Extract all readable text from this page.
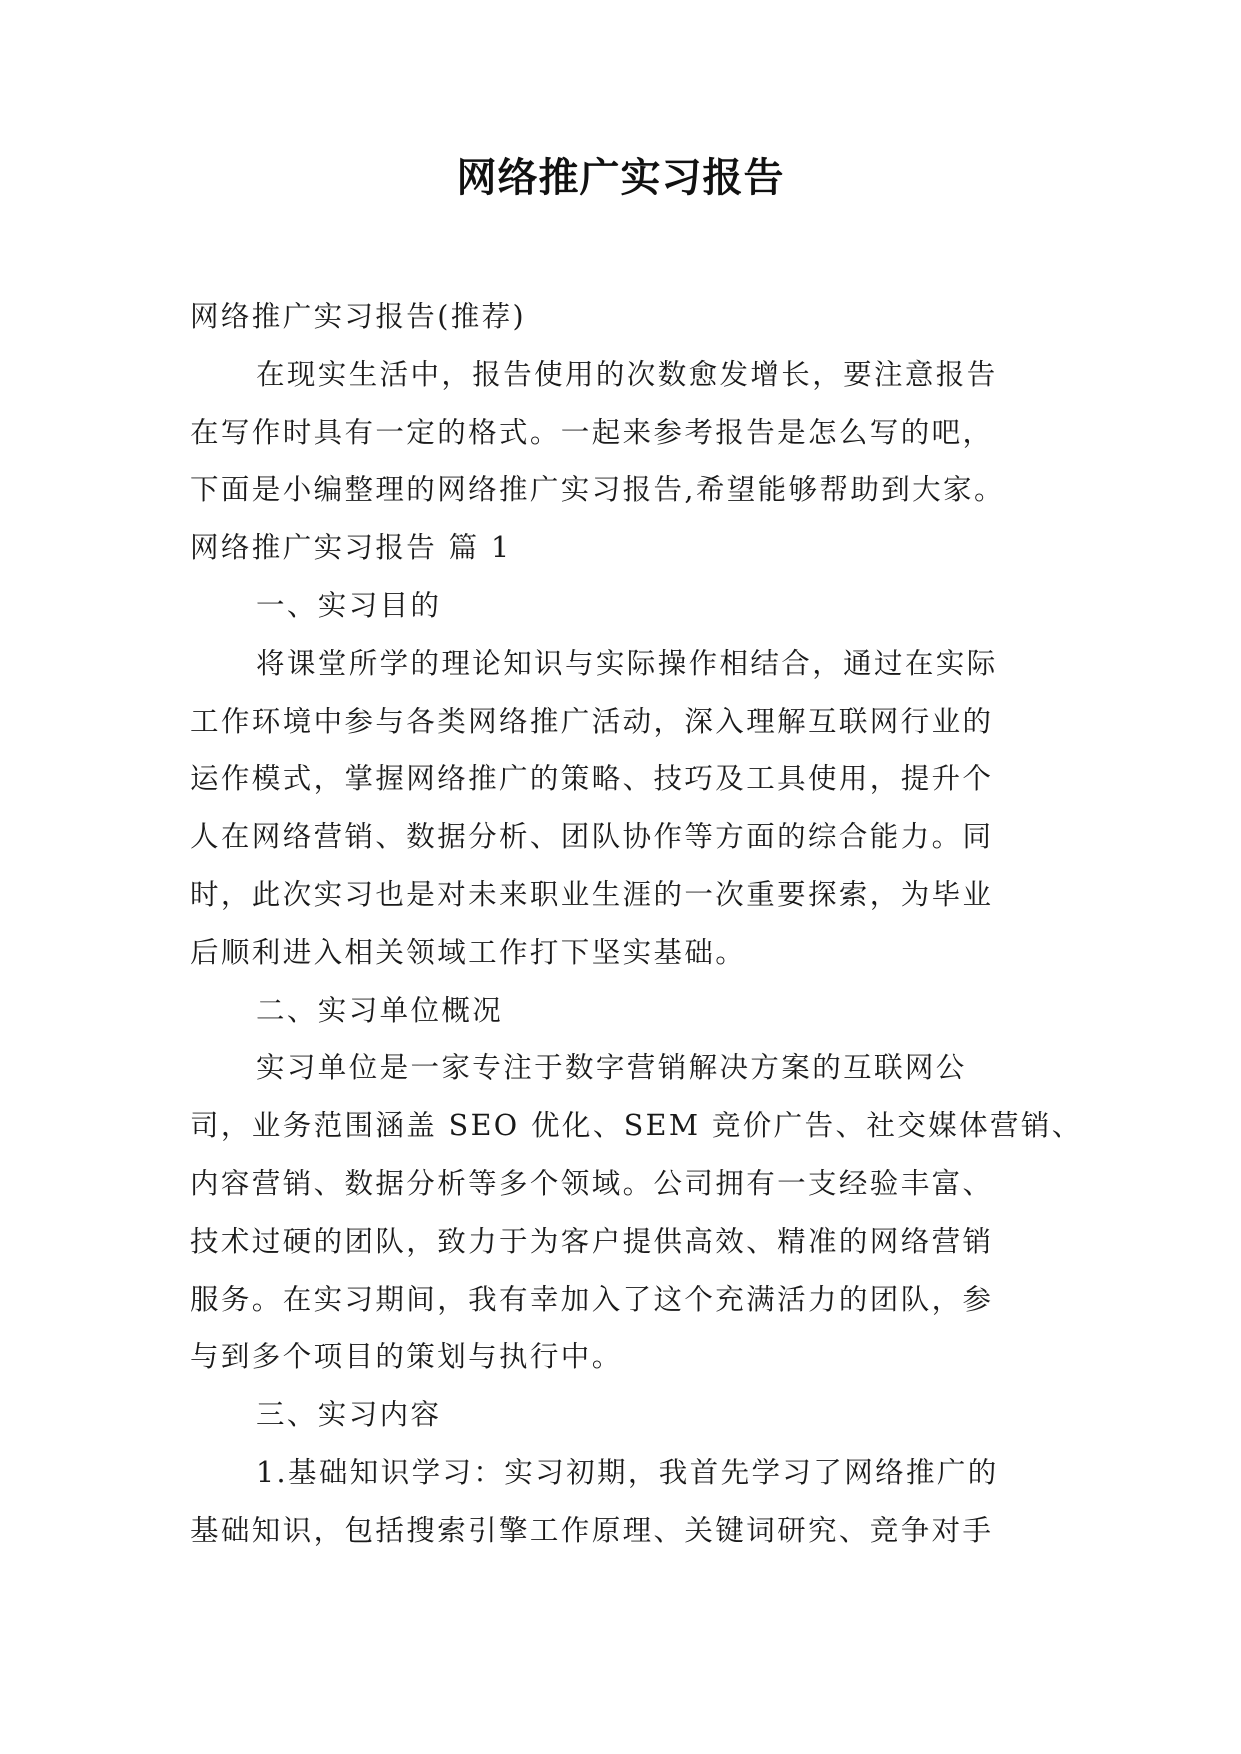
网络推广实习报告

网络推广实习报告(推荐)

在现实生活中，报告使用的次数愈发增长，要注意报告

在写作时具有一定的格式。一起来参考报告是怎么写的吧，

下面是小编整理的网络推广实习报告,希望能够帮助到大家。

网络推广实习报告 篇 1

一、实习目的

将课堂所学的理论知识与实际操作相结合，通过在实际

工作环境中参与各类网络推广活动，深入理解互联网行业的

运作模式，掌握网络推广的策略、技巧及工具使用，提升个

人在网络营销、数据分析、团队协作等方面的综合能力。同

时，此次实习也是对未来职业生涯的一次重要探索，为毕业

后顺利进入相关领域工作打下坚实基础。

二、实习单位概况

实习单位是一家专注于数字营销解决方案的互联网公

司，业务范围涵盖 SEO 优化、SEM 竞价广告、社交媒体营销、

内容营销、数据分析等多个领域。公司拥有一支经验丰富、

技术过硬的团队，致力于为客户提供高效、精准的网络营销

服务。在实习期间，我有幸加入了这个充满活力的团队，参

与到多个项目的策划与执行中。

三、实习内容

1.基础知识学习：实习初期，我首先学习了网络推广的

基础知识，包括搜索引擎工作原理、关键词研究、竞争对手
